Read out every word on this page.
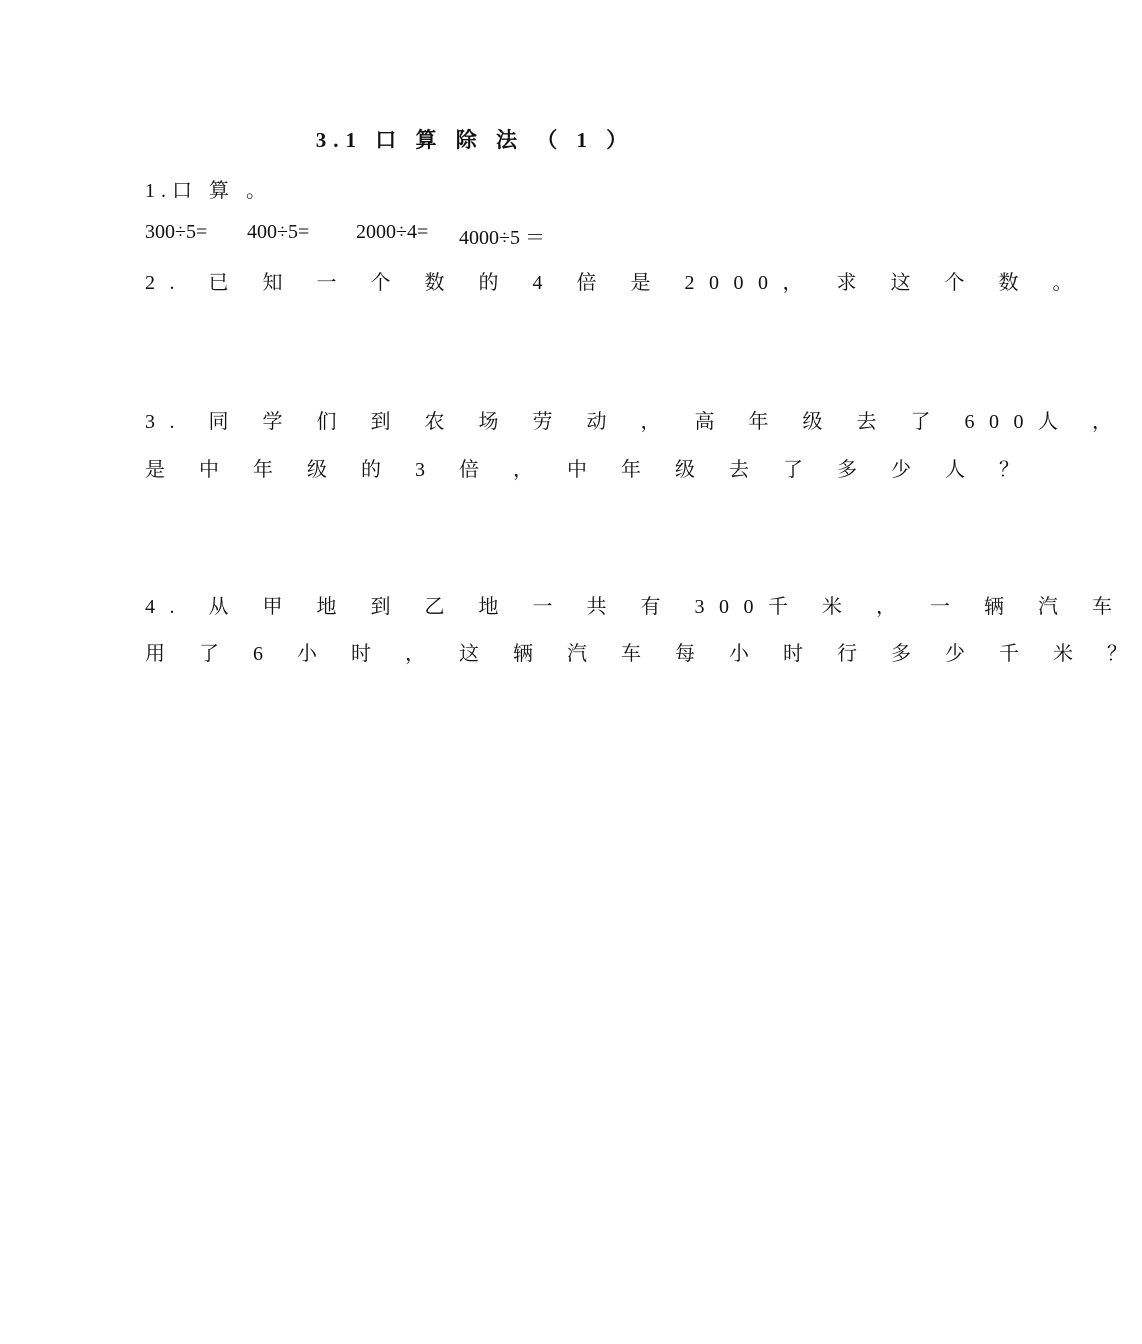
3.1 口 算 除 法 （ 1 ）
1.口 算 。
300÷5= 400÷5= 2000÷4= 4000÷5 ＝
2. 已 知 一 个 数 的 4 倍 是 2000， 求 这 个 数 。
3. 同 学 们 到 农 场 劳 动 ， 高 年 级 去 了 600人 ，
是 中 年 级 的 3 倍 ， 中 年 级 去 了 多 少 人 ？
4. 从 甲 地 到 乙 地 一 共 有 300千 米 ， 一 辆 汽 车
用 了 6 小 时 ， 这 辆 汽 车 每 小 时 行 多 少 千 米 ？
